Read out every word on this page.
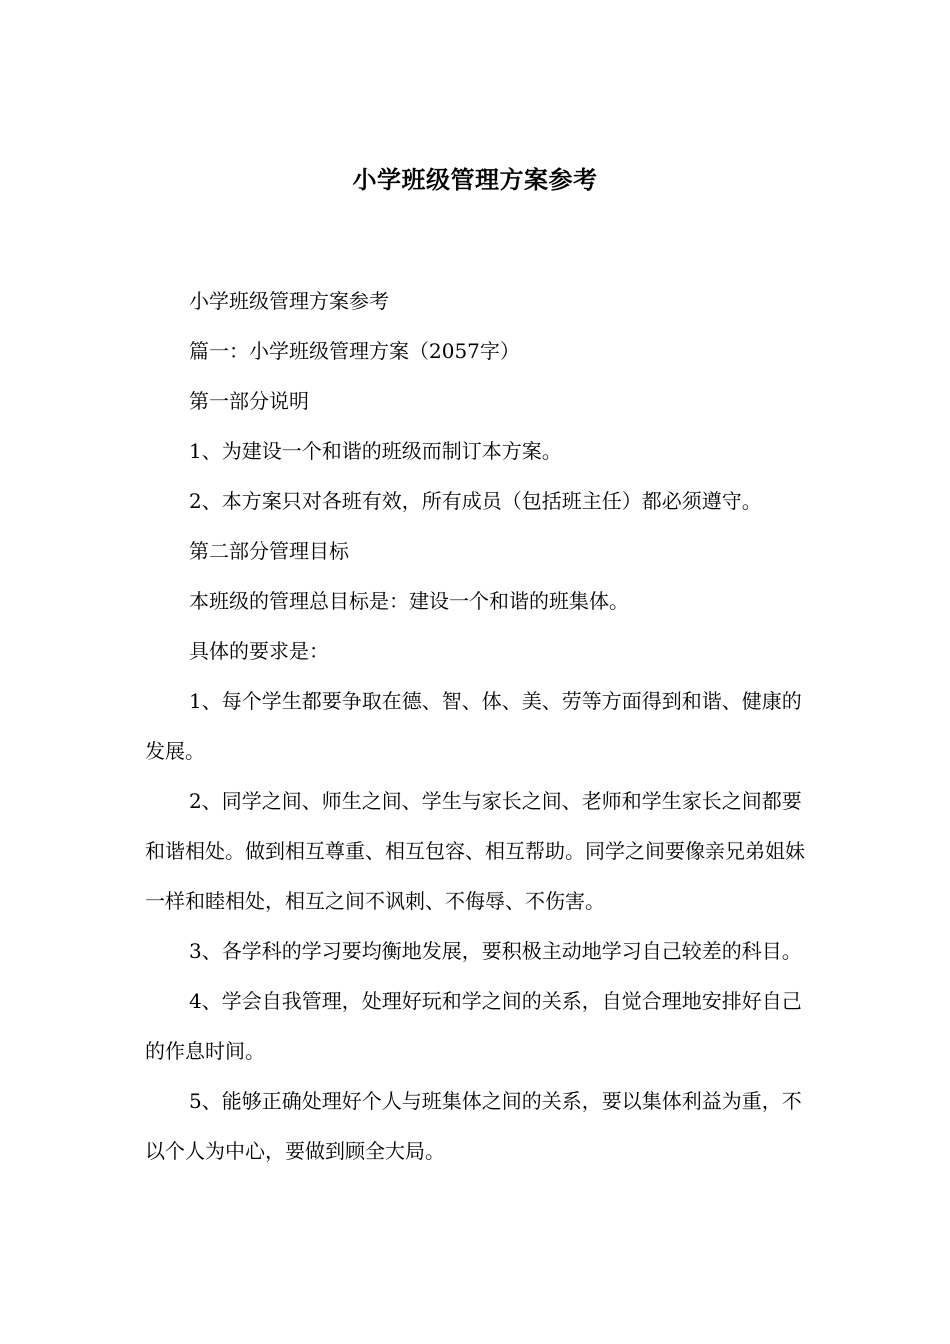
小学班级管理方案参考

小学班级管理方案参考

篇一：小学班级管理方案（2057字）

第一部分说明

1、为建设一个和谐的班级而制订本方案。

2、本方案只对各班有效，所有成员（包括班主任）都必须遵守。

第二部分管理目标

本班级的管理总目标是：建设一个和谐的班集体。

具体的要求是：

1、每个学生都要争取在德、智、体、美、劳等方面得到和谐、健康的发展。

2、同学之间、师生之间、学生与家长之间、老师和学生家长之间都要和谐相处。做到相互尊重、相互包容、相互帮助。同学之间要像亲兄弟姐妹一样和睦相处，相互之间不讽刺、不侮辱、不伤害。

3、各学科的学习要均衡地发展，要积极主动地学习自己较差的科目。

4、学会自我管理，处理好玩和学之间的关系，自觉合理地安排好自己的作息时间。

5、能够正确处理好个人与班集体之间的关系，要以集体利益为重，不以个人为中心，要做到顾全大局。
